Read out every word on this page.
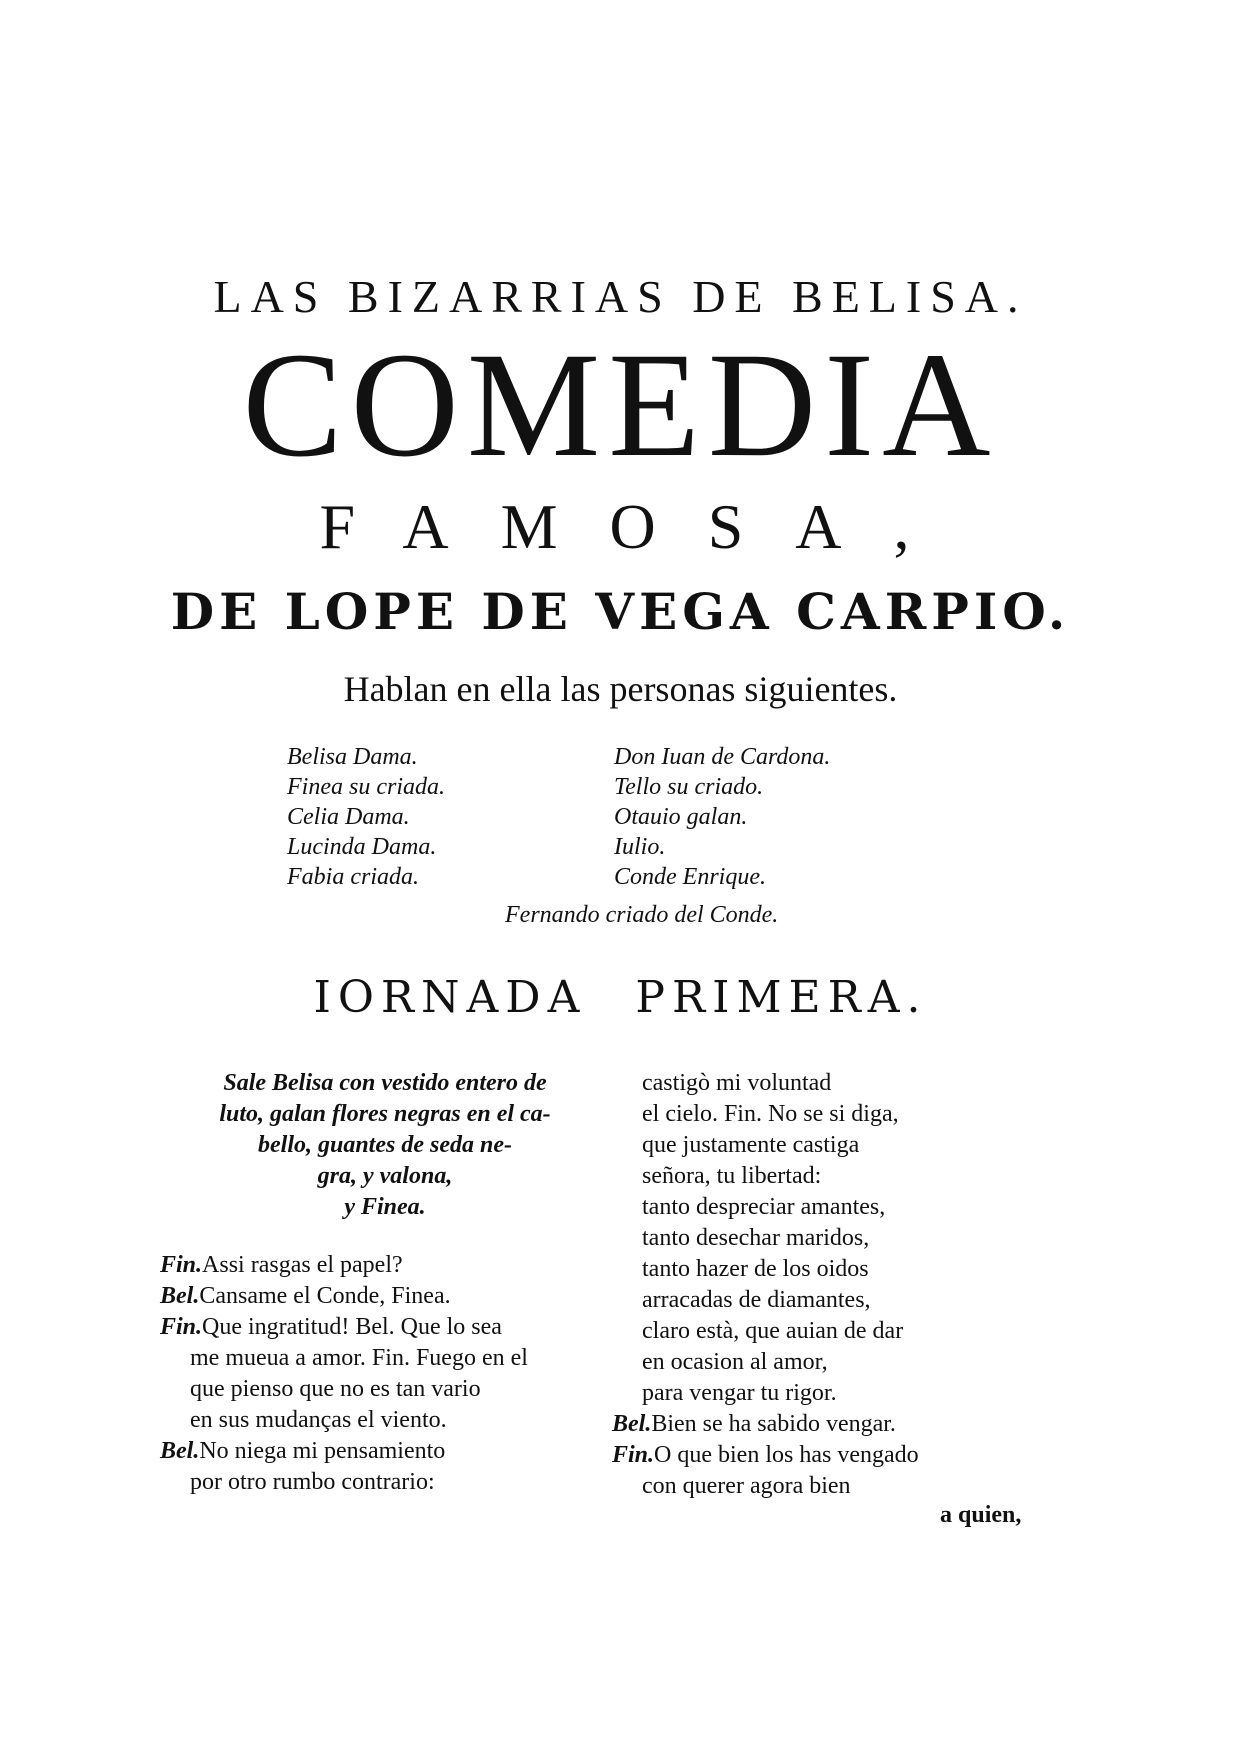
LAS BIZARRIAS DE BELISA.
COMEDIA
FAMOSA,
DE LOPE DE VEGA CARPIO.
Hablan en ella las personas siguientes.
Belisa Dama.
Finea su criada.
Celia Dama.
Lucinda Dama.
Fabia criada.
Don Iuan de Cardona.
Tello su criado.
Otauio galan.
Iulio.
Conde Enrique.
Fernando criado del Conde.
IORNADA PRIMERA.
Sale Belisa con vestido entero de
luto, galan flores negras en el ca-
bello, guantes de seda ne-
gra, y valona,
y Finea.
Fin.Assi rasgas el papel?
Bel.Cansame el Conde, Finea.
Fin.Que ingratitud! Bel. Que lo sea
me mueua a amor. Fin. Fuego en el
que pienso que no es tan vario
en sus mudanças el viento.
Bel.No niega mi pensamiento
por otro rumbo contrario:
castigò mi voluntad
el cielo. Fin. No se si diga,
que justamente castiga
señora, tu libertad:
tanto despreciar amantes,
tanto desechar maridos,
tanto hazer de los oidos
arracadas de diamantes,
claro està, que auian de dar
en ocasion al amor,
para vengar tu rigor.
Bel.Bien se ha sabido vengar.
Fin.O que bien los has vengado
con querer agora bien
a quien,
